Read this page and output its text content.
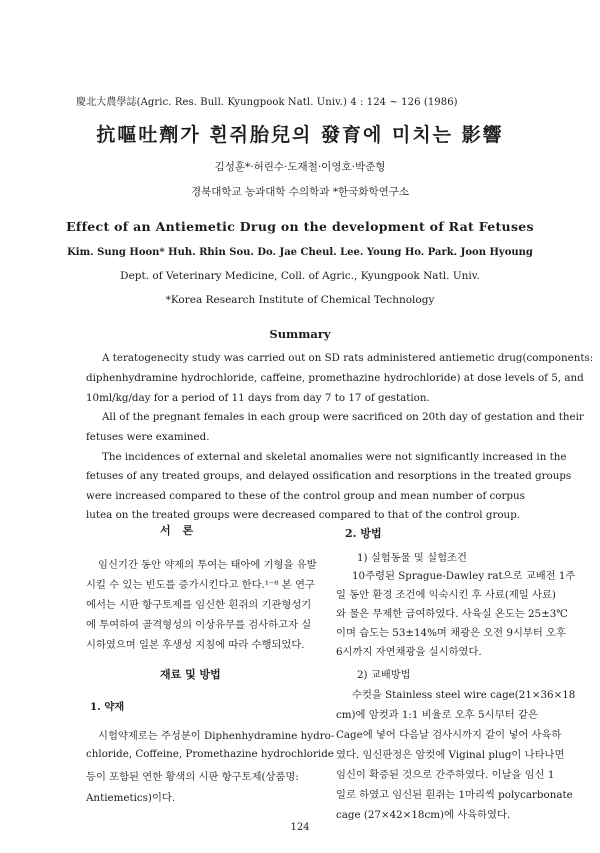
慶北大農學誌(Agric. Res. Bull. Kyungpook Natl. Univ.) 4 : 124 ~ 126 (1986)
抗嘔吐劑가 흰쥐胎兒의 發育에 미치는 影響
김성훈*·허린수·도재철·이영호·박준형
경북대학교 농과대학 수의학과 *한국화학연구소
Effect of an Antiemetic Drug on the development of Rat Fetuses
Kim. Sung Hoon* Huh. Rhin Sou. Do. Jae Cheul. Lee. Young Ho. Park. Joon Hyoung
Dept. of Veterinary Medicine, Coll. of Agric., Kyungpook Natl. Univ.
*Korea Research Institute of Chemical Technology
Summary
A teratogenecity study was carried out on SD rats administered antiemetic drug(components:
diphenhydramine hydrochloride, caffeine, promethazine hydrochloride) at dose levels of 5, and
10ml/kg/day for a period of 11 days from day 7 to 17 of gestation.
All of the pregnant females in each group were sacrificed on 20th day of gestation and their
fetuses were examined.
The incidences of external and skeletal anomalies were not significantly increased in the
fetuses of any treated groups, and delayed ossification and resorptions in the treated groups
were increased compared to these of the control group and mean number of corpus
lutea on the treated groups were decreased compared to that of the control group.
서 론
임신기간 동안 약제의 투여는 태아에 기형을 유발
시킬 수 있는 빈도를 증가시킨다고 한다.¹⁻⁸ 본 연구
에서는 시판 항구토제를 임신한 흰쥐의 기관형성기
에 투여하여 골격형성의 이상유무를 검사하고자 실
시하였으며 일본 후생성 지침에 따라 수행되었다.
재료 및 방법
1. 약재
시험약제로는 주성분이 Diphenhydramine hydro-
chloride, Coffeine, Promethazine hydrochloride
등이 포함된 연한 황색의 시판 항구토제(상품명:
Antiemetics)이다.
2. 방법
1) 실험동물 및 실험조건
10주령된 Sprague-Dawley rat으로 교배전 1주
일 동안 환경 조건에 익숙시킨 후 사료(제일 사료)
와 물은 무제한 급여하였다. 사육실 온도는 25±3℃
이며 습도는 53±14%며 채광은 오전 9시부터 오후
6시까지 자연채광을 실시하였다.
2) 교배방법
수컷을 Stainless steel wire cage(21×36×18
cm)에 암컷과 1:1 비율로 오후 5시早터 같은
Cage에 넣어 다음날 검사시까지 같이 넣어 사육하
였다. 임신판정은 암컷에 Viginal plug이 나타나면
임신이 확증된 것으로 간주하였다. 이날을 임신 1
일로 하였고 임신된 흰쥐는 1마리씩 polycarbonate
cage (27×42×18cm)에 사육하였다.
124
